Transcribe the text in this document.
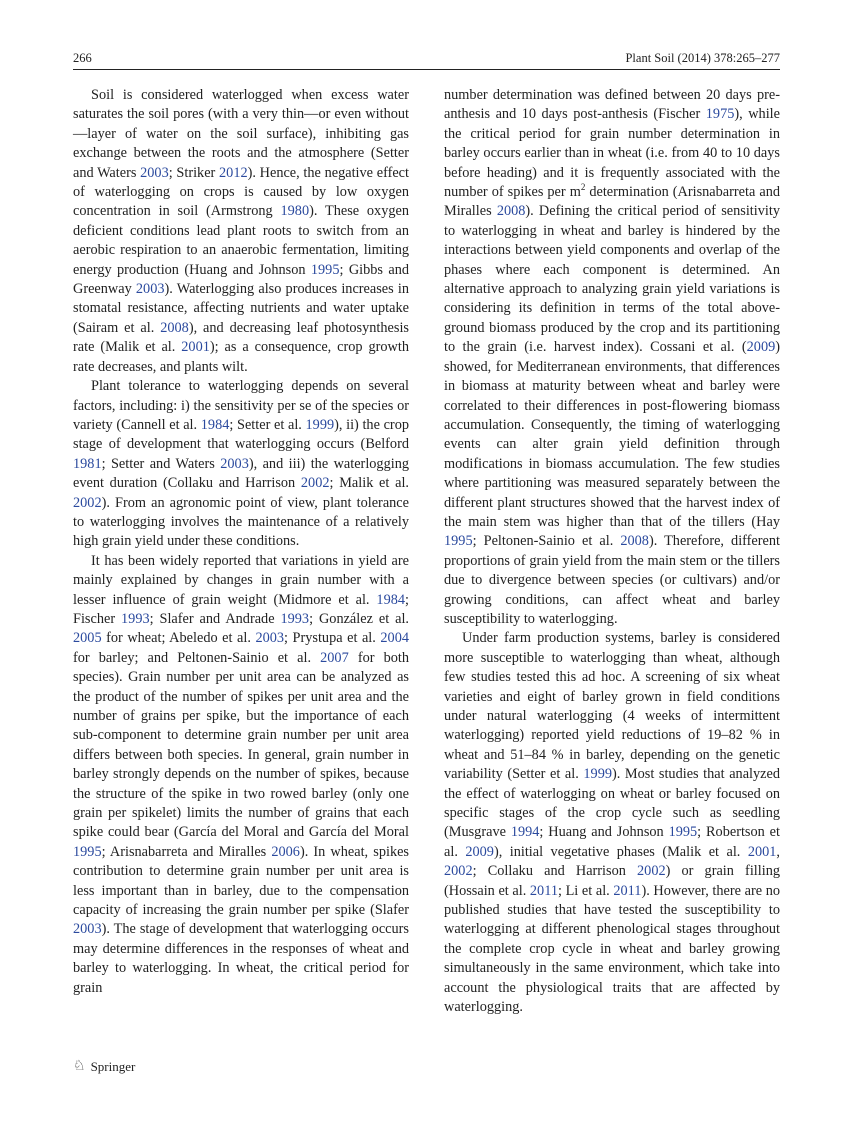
266	Plant Soil (2014) 378:265–277

Soil is considered waterlogged when excess water saturates the soil pores (with a very thin—or even without—layer of water on the soil surface), inhibiting gas exchange between the roots and the atmosphere (Setter and Waters 2003; Striker 2012). Hence, the negative effect of waterlogging on crops is caused by low oxygen concentration in soil (Armstrong 1980). These oxygen deficient conditions lead plant roots to switch from an aerobic respiration to an anaerobic fermentation, limiting energy production (Huang and Johnson 1995; Gibbs and Greenway 2003). Waterlogging also produces increases in stomatal resistance, affecting nutrients and water uptake (Sairam et al. 2008), and decreasing leaf photosynthesis rate (Malik et al. 2001); as a consequence, crop growth rate decreases, and plants wilt.

Plant tolerance to waterlogging depends on several factors, including: i) the sensitivity per se of the species or variety (Cannell et al. 1984; Setter et al. 1999), ii) the crop stage of development that waterlogging occurs (Belford 1981; Setter and Waters 2003), and iii) the waterlogging event duration (Collaku and Harrison 2002; Malik et al. 2002). From an agronomic point of view, plant tolerance to waterlogging involves the maintenance of a relatively high grain yield under these conditions.

It has been widely reported that variations in yield are mainly explained by changes in grain number with a lesser influence of grain weight (Midmore et al. 1984; Fischer 1993; Slafer and Andrade 1993; González et al. 2005 for wheat; Abeledo et al. 2003; Prystupa et al. 2004 for barley; and Peltonen-Sainio et al. 2007 for both species). Grain number per unit area can be analyzed as the product of the number of spikes per unit area and the number of grains per spike, but the importance of each sub-component to determine grain number per unit area differs between both species. In general, grain number in barley strongly depends on the number of spikes, because the structure of the spike in two rowed barley (only one grain per spikelet) limits the number of grains that each spike could bear (García del Moral and García del Moral 1995; Arisnabarreta and Miralles 2006). In wheat, spikes contribution to determine grain number per unit area is less important than in barley, due to the compensation capacity of increasing the grain number per spike (Slafer 2003). The stage of development that waterlogging occurs may determine differences in the responses of wheat and barley to waterlogging. In wheat, the critical period for grain

number determination was defined between 20 days pre-anthesis and 10 days post-anthesis (Fischer 1975), while the critical period for grain number determination in barley occurs earlier than in wheat (i.e. from 40 to 10 days before heading) and it is frequently associated with the number of spikes per $m^2$ determination (Arisnabarreta and Miralles 2008). Defining the critical period of sensitivity to waterlogging in wheat and barley is hindered by the interactions between yield components and overlap of the phases where each component is determined. An alternative approach to analyzing grain yield variations is considering its definition in terms of the total above-ground biomass produced by the crop and its partitioning to the grain (i.e. harvest index). Cossani et al. (2009) showed, for Mediterranean environments, that differences in biomass at maturity between wheat and barley were correlated to their differences in post-flowering biomass accumulation. Consequently, the timing of waterlogging events can alter grain yield definition through modifications in biomass accumulation. The few studies where partitioning was measured separately between the different plant structures showed that the harvest index of the main stem was higher than that of the tillers (Hay 1995; Peltonen-Sainio et al. 2008). Therefore, different proportions of grain yield from the main stem or the tillers due to divergence between species (or cultivars) and/or growing conditions, can affect wheat and barley susceptibility to waterlogging.

Under farm production systems, barley is considered more susceptible to waterlogging than wheat, although few studies tested this ad hoc. A screening of six wheat varieties and eight of barley grown in field conditions under natural waterlogging (4 weeks of intermittent waterlogging) reported yield reductions of 19–82 % in wheat and 51–84 % in barley, depending on the genetic variability (Setter et al. 1999). Most studies that analyzed the effect of waterlogging on wheat or barley focused on specific stages of the crop cycle such as seedling (Musgrave 1994; Huang and Johnson 1995; Robertson et al. 2009), initial vegetative phases (Malik et al. 2001, 2002; Collaku and Harrison 2002) or grain filling (Hossain et al. 2011; Li et al. 2011). However, there are no published studies that have tested the susceptibility to waterlogging at different phenological stages throughout the complete crop cycle in wheat and barley growing simultaneously in the same environment, which take into account the physiological traits that are affected by waterlogging.

♘ Springer
